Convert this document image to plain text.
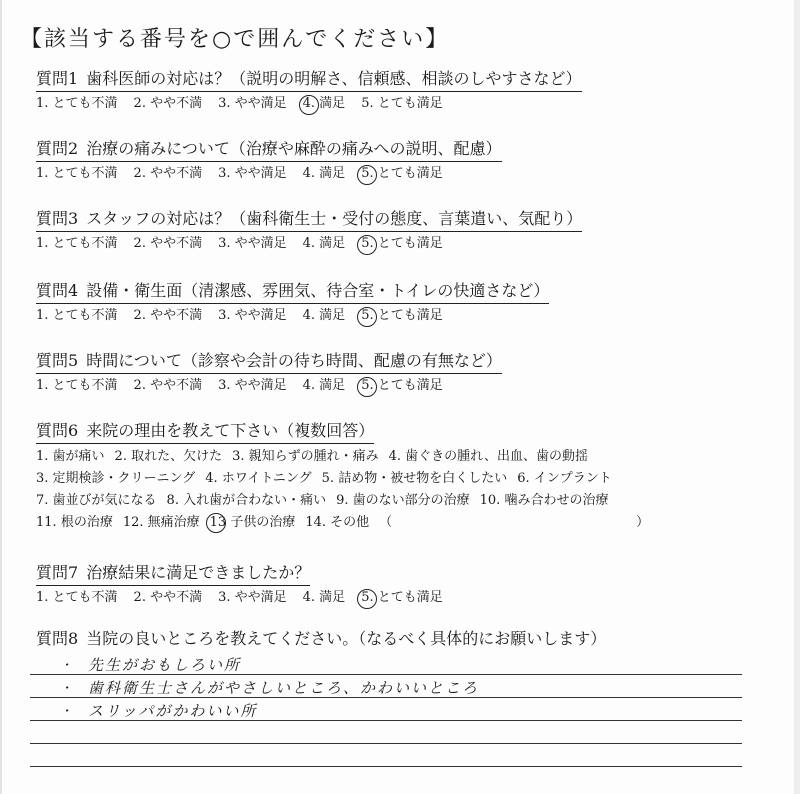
【該当する番号を○で囲んでください】
質問1 歯科医師の対応は？（説明の明解さ、信頼感、相談のしやすさなど）
1. とても不満 2. やや不満 3. やや満足 4. 満足 5. とても満足
質問2 治療の痛みについて（治療や麻酔の痛みへの説明、配慮）
1. とても不満 2. やや不満 3. やや満足 4. 満足 5. とても満足
質問3 スタッフの対応は？（歯科衛生士・受付の態度、言葉遣い、気配り）
1. とても不満 2. やや不満 3. やや満足 4. 満足 5. とても満足
質問4 設備・衛生面（清潔感、雰囲気、待合室・トイレの快適さなど）
1. とても不満 2. やや不満 3. やや満足 4. 満足 5. とても満足
質問5 時間について（診察や会計の待ち時間、配慮の有無など）
1. とても不満 2. やや不満 3. やや満足 4. 満足 5. とても満足
質問6 来院の理由を教えて下さい（複数回答）
1. 歯が痛い 2. 取れた、欠けた 3. 親知らずの腫れ・痛み 4. 歯ぐきの腫れ、出血、歯の動揺
3. 定期検診・クリーニング 4. ホワイトニング 5. 詰め物・被せ物を白くしたい 6. インプラント
7. 歯並びが気になる 8. 入れ歯が合わない・痛い 9. 歯のない部分の治療 10. 噛み合わせの治療
11. 根の治療 12. 無痛治療 13 子供の治療 14. その他 （	）
質問7 治療結果に満足できましたか？
1. とても不満 2. やや不満 3. やや満足 4. 満足 5. とても満足
質問8 当院の良いところを教えてください。（なるべく具体的にお願いします）
・ 先生がおもしろい所
・ 歯科衛生士さんがやさしいところ、かわいいところ
・ スリッパがかわいい所
